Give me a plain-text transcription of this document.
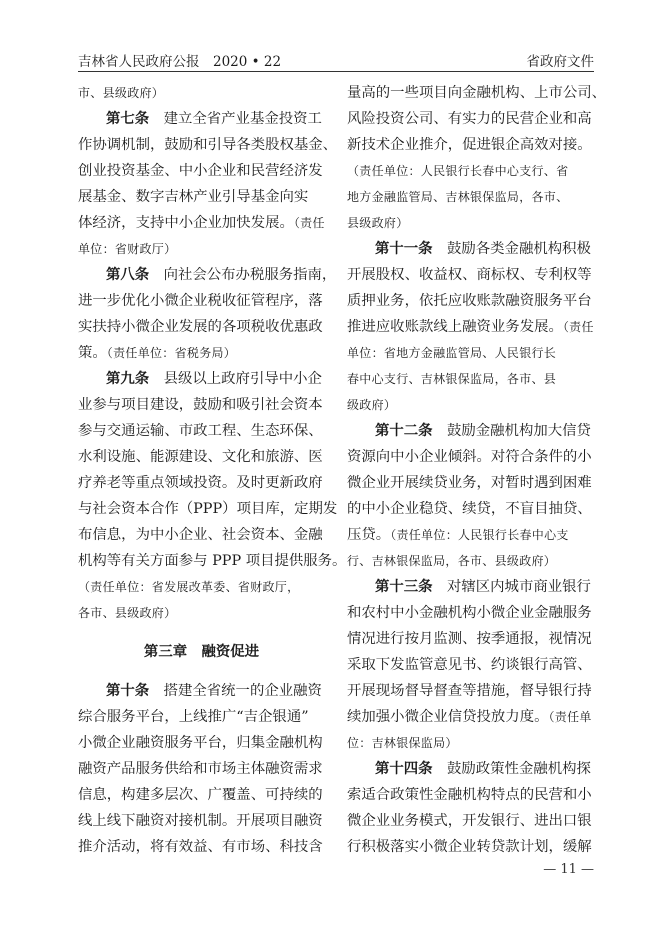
吉林省人民政府公报　2020 • 22	省政府文件
市、县级政府）
第七条　 建立全省产业基金投资工
作协调机制，鼓励和引导各类股权基金、
创业投资基金、中小企业和民营经济发
展基金、数字吉林产业引导基金向实
体经济，支持中小企业加快发展。（责任
单位：省财政厅）
第八条　 向社会公布办税服务指南，
进一步优化小微企业税收征管程序，落
实扶持小微企业发展的各项税收优惠政
策。（责任单位：省税务局）
第九条　 县级以上政府引导中小企
业参与项目建设，鼓励和吸引社会资本
参与交通运输、市政工程、生态环保、
水利设施、能源建设、文化和旅游、医
疗养老等重点领域投资。及时更新政府
与社会资本合作（PPP）项目库，定期发
布信息，为中小企业、社会资本、金融
机构等有关方面参与 PPP 项目提供服务。
（责任单位：省发展改革委、省财政厅，
各市、县级政府）
第三章　融资促进
第十条　 搭建全省统一的企业融资
综合服务平台，上线推广“吉企银通”
小微企业融资服务平台，归集金融机构
融资产品服务供给和市场主体融资需求
信息，构建多层次、广覆盖、可持续的
线上线下融资对接机制。开展项目融资
推介活动，将有效益、有市场、科技含
量高的一些项目向金融机构、上市公司、
风险投资公司、有实力的民营企业和高
新技术企业推介，促进银企高效对接。
（责任单位：人民银行长春中心支行、省
地方金融监管局、吉林银保监局，各市、
县级政府）
第十一条　 鼓励各类金融机构积极
开展股权、收益权、商标权、专利权等
质押业务，依托应收账款融资服务平台
推进应收账款线上融资业务发展。（责任
单位：省地方金融监管局、人民银行长
春中心支行、吉林银保监局，各市、县
级政府）
第十二条　 鼓励金融机构加大信贷
资源向中小企业倾斜。对符合条件的小
微企业开展续贷业务，对暂时遇到困难
的中小企业稳贷、续贷，不盲目抽贷、
压贷。（责任单位：人民银行长春中心支
行、吉林银保监局，各市、县级政府）
第十三条　 对辖区内城市商业银行
和农村中小金融机构小微企业金融服务
情况进行按月监测、按季通报，视情况
采取下发监管意见书、约谈银行高管、
开展现场督导督查等措施，督导银行持
续加强小微企业信贷投放力度。（责任单
位：吉林银保监局）
第十四条　 鼓励政策性金融机构探
索适合政策性金融机构特点的民营和小
微企业业务模式，开发银行、进出口银
行积极落实小微企业转贷款计划，缓解
— 11 —
